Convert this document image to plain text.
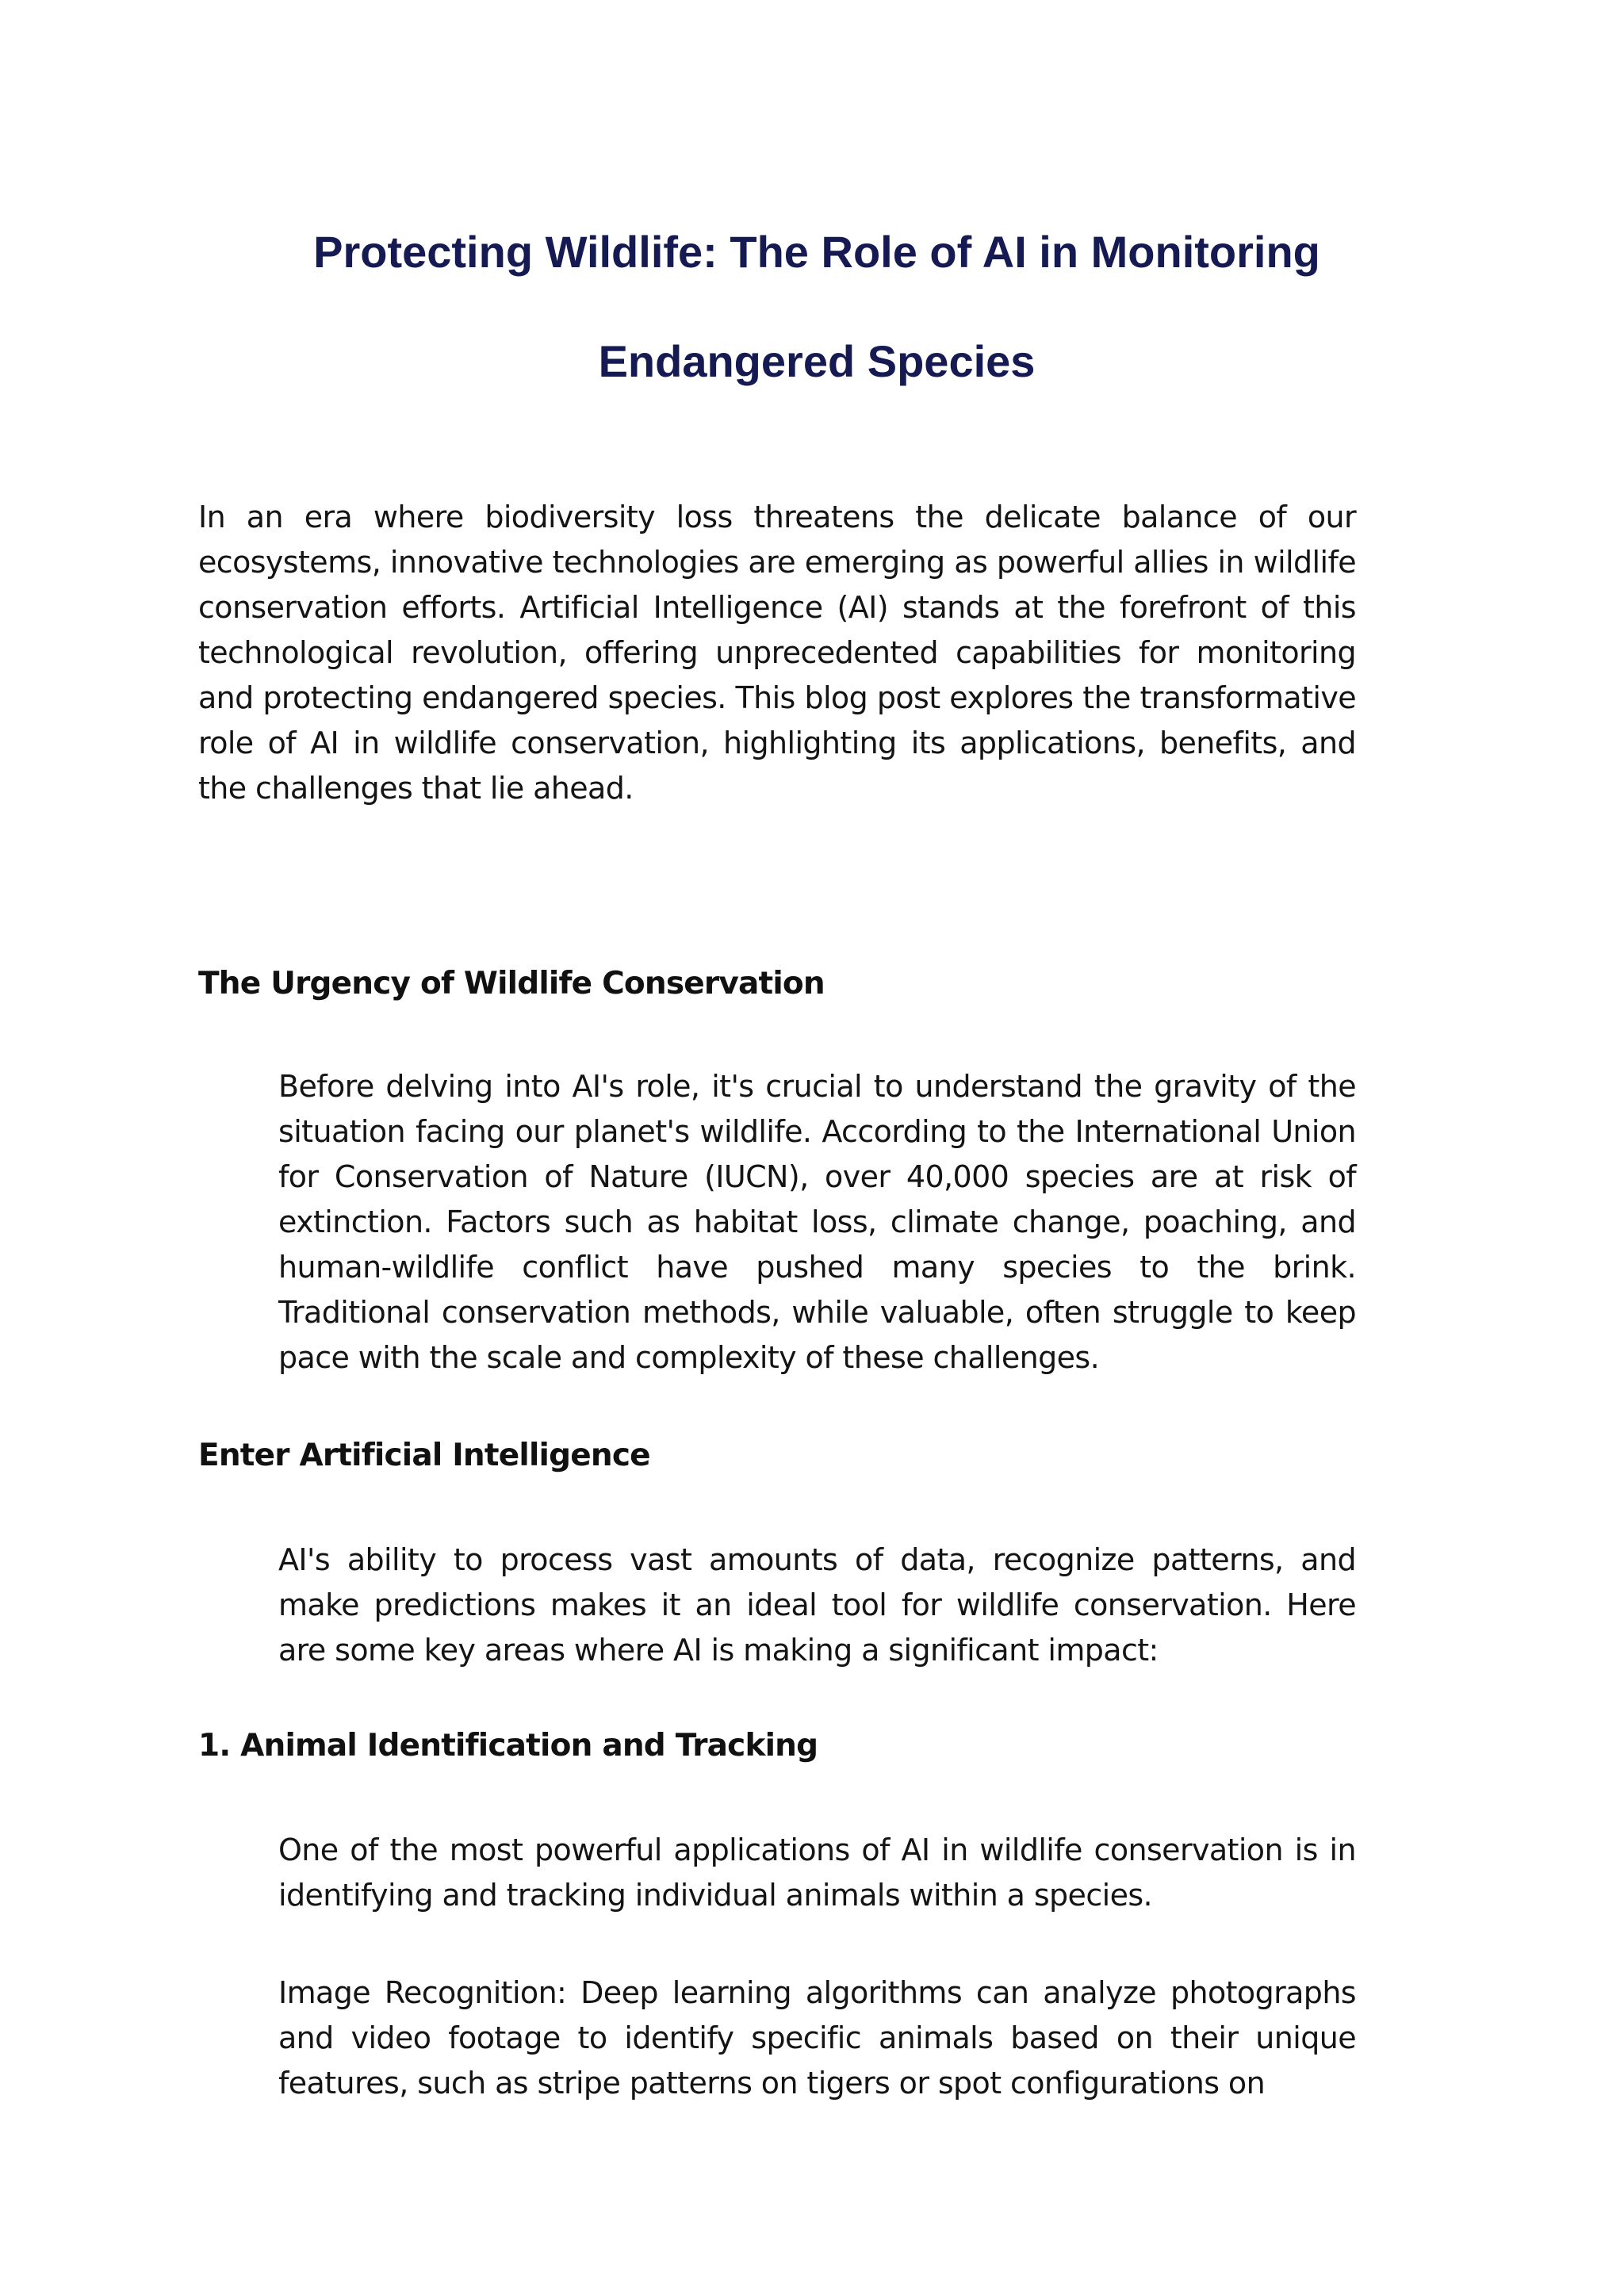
Protecting Wildlife: The Role of AI in Monitoring
Endangered Species

In an era where biodiversity loss threatens the delicate balance of our ecosystems, innovative technologies are emerging as powerful allies in wildlife conservation efforts. Artificial Intelligence (AI) stands at the forefront of this technological revolution, offering unprecedented capabilities for monitoring and protecting endangered species. This blog post explores the transformative role of AI in wildlife conservation, highlighting its applications, benefits, and the challenges that lie ahead.

The Urgency of Wildlife Conservation

Before delving into AI's role, it's crucial to understand the gravity of the situation facing our planet's wildlife. According to the International Union for Conservation of Nature (IUCN), over 40,000 species are at risk of extinction. Factors such as habitat loss, climate change, poaching, and human-wildlife conflict have pushed many species to the brink. Traditional conservation methods, while valuable, often struggle to keep pace with the scale and complexity of these challenges.

Enter Artificial Intelligence

AI's ability to process vast amounts of data, recognize patterns, and make predictions makes it an ideal tool for wildlife conservation. Here are some key areas where AI is making a significant impact:

1. Animal Identification and Tracking

One of the most powerful applications of AI in wildlife conservation is in identifying and tracking individual animals within a species.

Image Recognition: Deep learning algorithms can analyze photographs and video footage to identify specific animals based on their unique features, such as stripe patterns on tigers or spot configurations on
